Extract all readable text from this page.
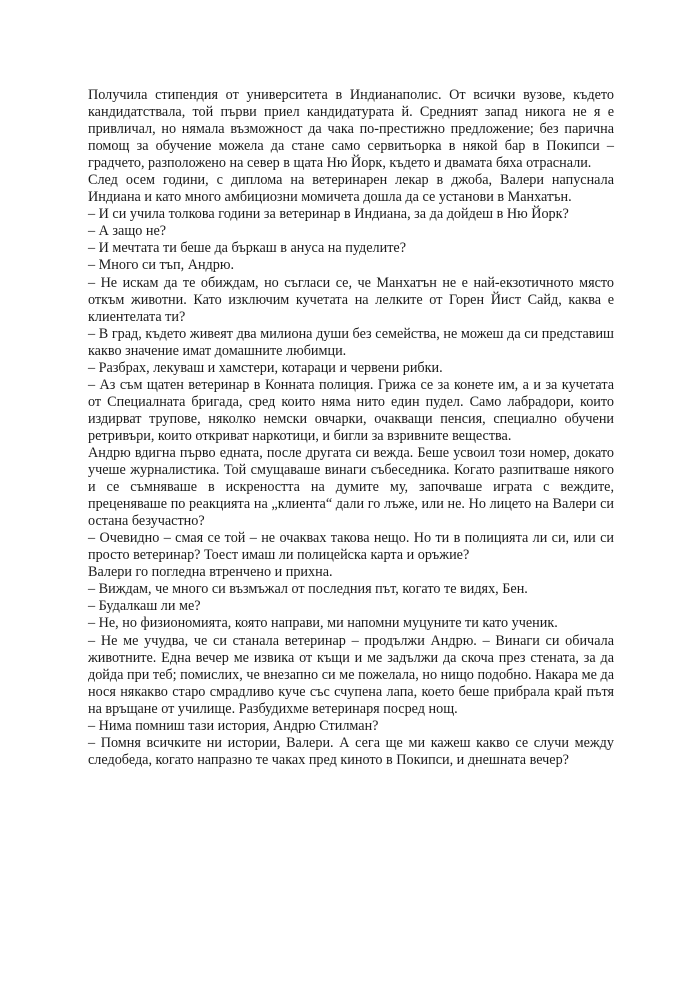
Получила стипендия от университета в Индианаполис. От всички вузове, където кандидатствала, той първи приел кандидатурата й. Средният запад никога не я е привличал, но нямала възможност да чака по-престижно предложение; без парична помощ за обучение можела да стане само сервитьорка в някой бар в Покипси – градчето, разположено на север в щата Ню Йорк, където и двамата бяха отраснали.

След осем години, с диплома на ветеринарен лекар в джоба, Валери напуснала Индиана и като много амбициозни момичета дошла да се установи в Манхатън.

– И си учила толкова години за ветеринар в Индиана, за да дойдеш в Ню Йорк?

– А защо не?

– И мечтата ти беше да бъркаш в ануса на пуделите?

– Много си тъп, Андрю.

– Не искам да те обиждам, но съгласи се, че Манхатън не е най-екзотичното място откъм животни. Като изключим кучетата на лелките от Горен Йист Сайд, каква е клиентелата ти?

– В град, където живеят два милиона души без семейства, не можеш да си представиш какво значение имат домашните любимци.

– Разбрах, лекуваш и хамстери, котараци и червени рибки.

– Аз съм щатен ветеринар в Конната полиция. Грижа се за конете им, а и за кучетата от Специалната бригада, сред които няма нито един пудел. Само лабрадори, които издирват трупове, няколко немски овчарки, очакващи пенсия, специално обучени ретривъри, които откриват наркотици, и бигли за взривните вещества.

Андрю вдигна първо едната, после другата си вежда. Беше усвоил този номер, докато учеше журналистика. Той смущаваше винаги събеседника. Когато разпитваше някого и се съмняваше в искреността на думите му, започваше играта с веждите, преценяваше по реакцията на „клиента“ дали го лъже, или не. Но лицето на Валери си остана безучастно?

– Очевидно – смая се той – не очаквах такова нещо. Но ти в полицията ли си, или си просто ветеринар? Тоест имаш ли полицейска карта и оръжие?

Валери го погледна втренчено и прихна.

– Виждам, че много си възмъжал от последния път, когато те видях, Бен.

– Будалкаш ли ме?

– Не, но физиономията, която направи, ми напомни муцуните ти като ученик.

– Не ме учудва, че си станала ветеринар – продължи Андрю. – Винаги си обичала животните. Една вечер ме извика от къщи и ме задължи да скоча през стената, за да дойда при теб; помислих, че внезапно си ме пожелала, но нищо подобно. Накара ме да нося някакво старо смрадливо куче със счупена лапа, което беше прибрала край пътя на връщане от училище. Разбудихме ветеринаря посред нощ.

– Нима помниш тази история, Андрю Стилман?

– Помня всичките ни истории, Валери. А сега ще ми кажеш какво се случи между следобеда, когато напразно те чаках пред киното в Покипси, и днешната вечер?
